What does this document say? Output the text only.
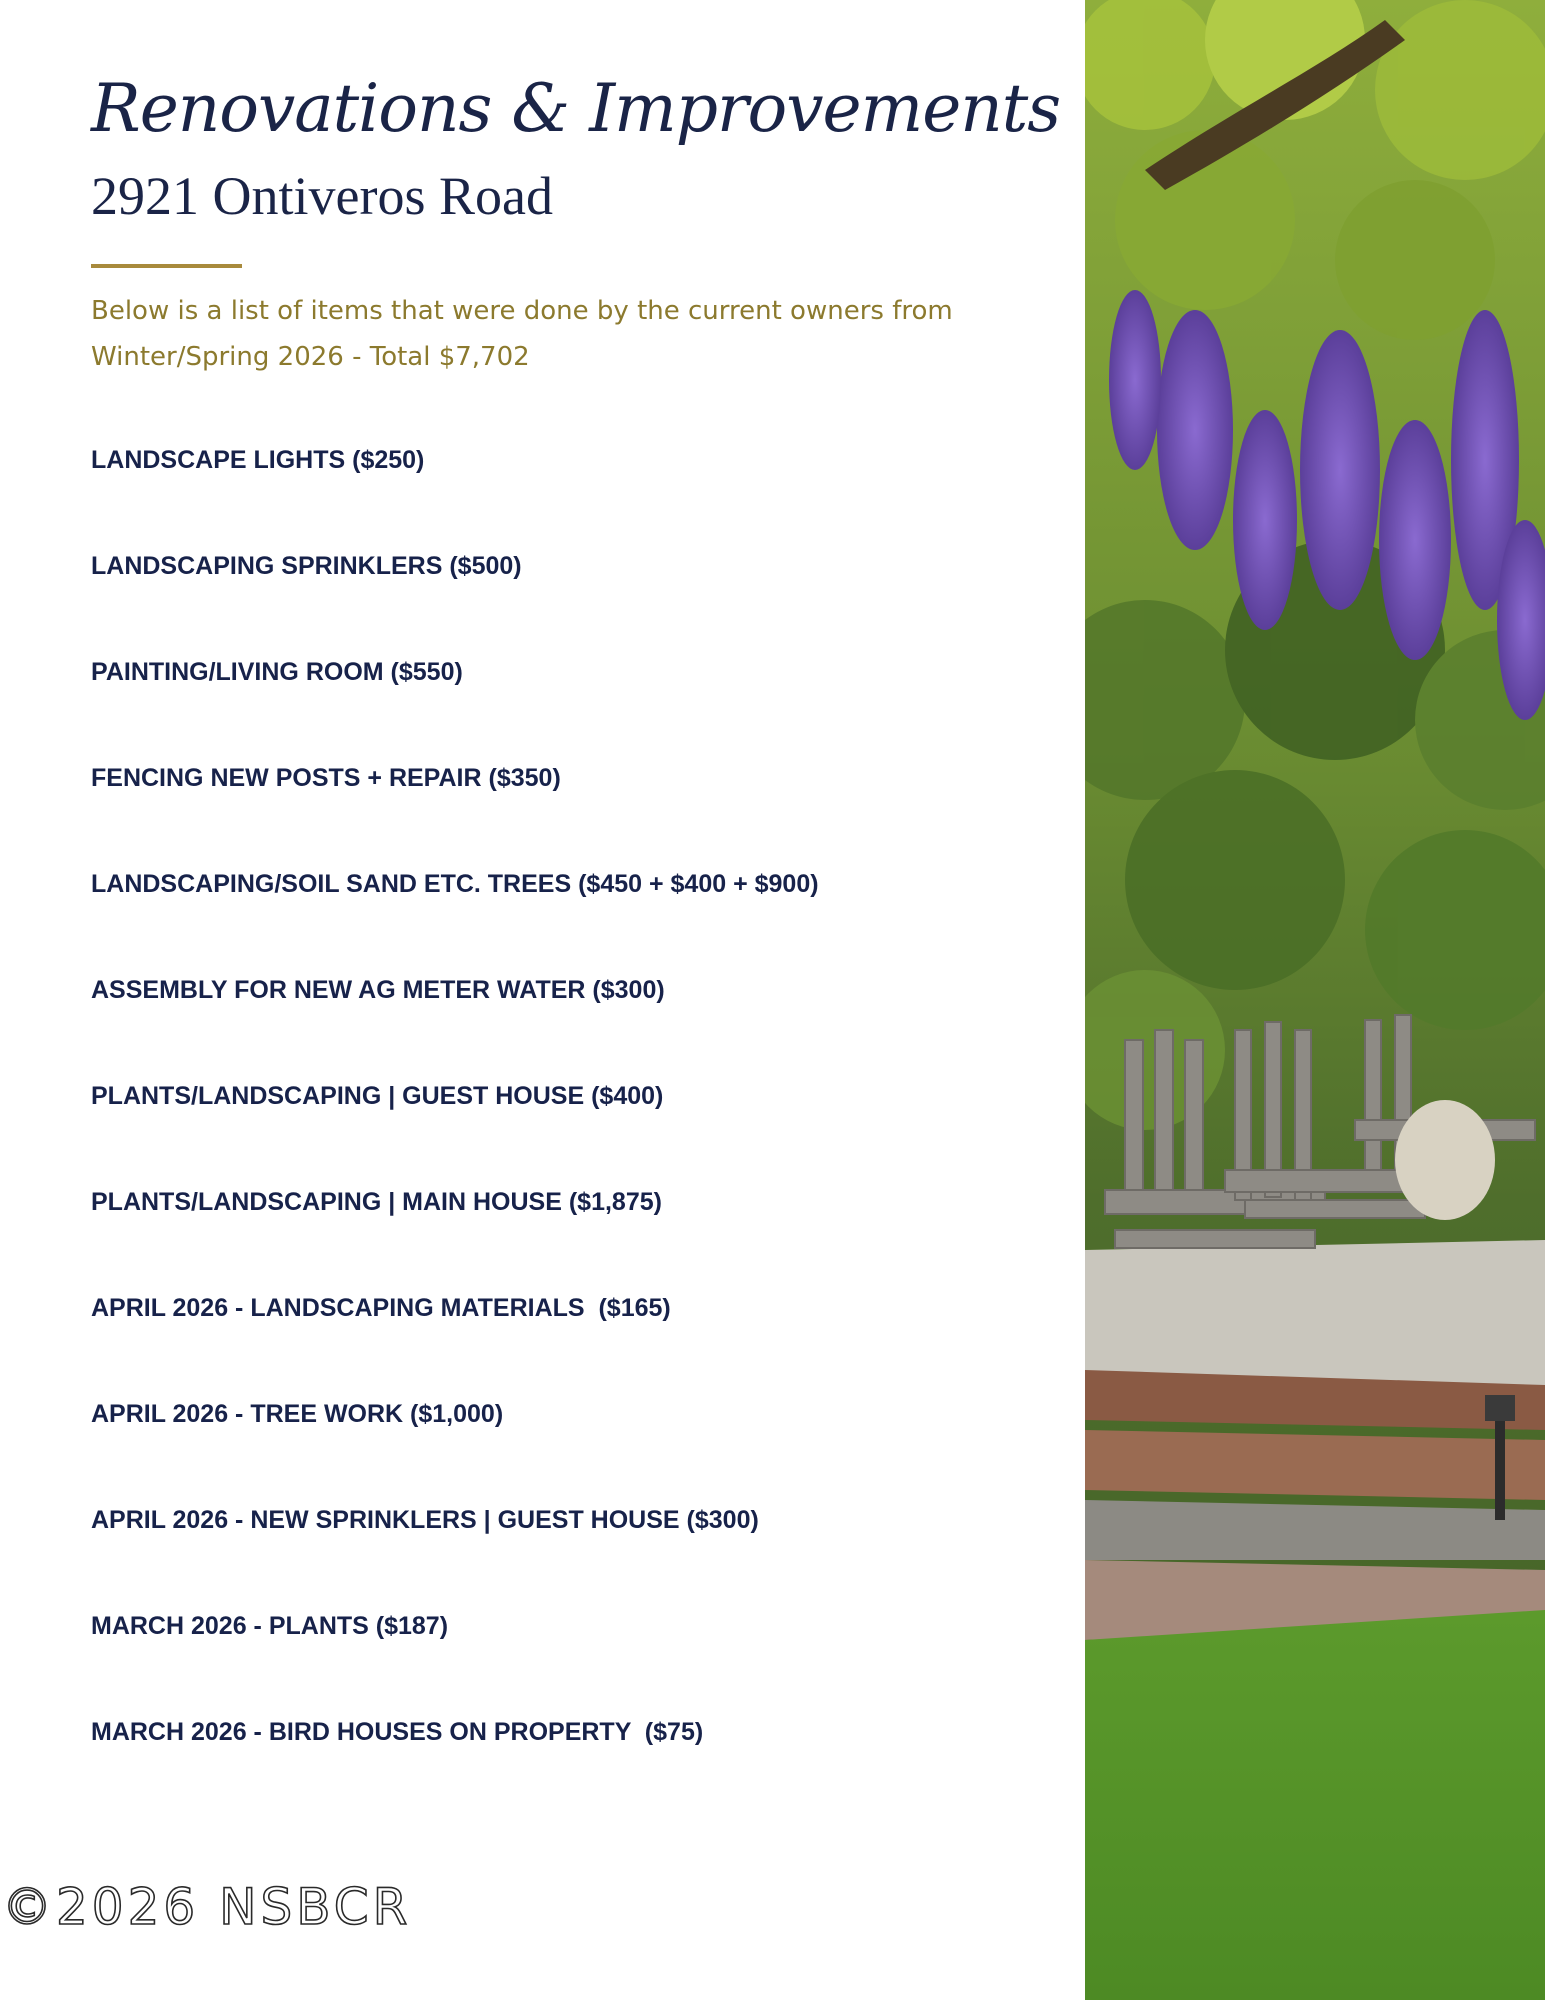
Renovations & Improvements
2921 Ontiveros Road
Below is a list of items that were done by the current owners from
Winter/Spring 2026 - Total $7,702
LANDSCAPE LIGHTS ($250)
LANDSCAPING SPRINKLERS ($500)
PAINTING/LIVING ROOM ($550)
FENCING NEW POSTS + REPAIR ($350)
LANDSCAPING/SOIL SAND ETC. TREES ($450 + $400 + $900)
ASSEMBLY FOR NEW AG METER WATER ($300)
PLANTS/LANDSCAPING | GUEST HOUSE ($400)
PLANTS/LANDSCAPING | MAIN HOUSE ($1,875)
APRIL 2026 - LANDSCAPING MATERIALS  ($165)
APRIL 2026 - TREE WORK ($1,000)
APRIL 2026 - NEW SPRINKLERS | GUEST HOUSE ($300)
MARCH 2026 - PLANTS ($187)
MARCH 2026 - BIRD HOUSES ON PROPERTY  ($75)
©2026 NSBCR
